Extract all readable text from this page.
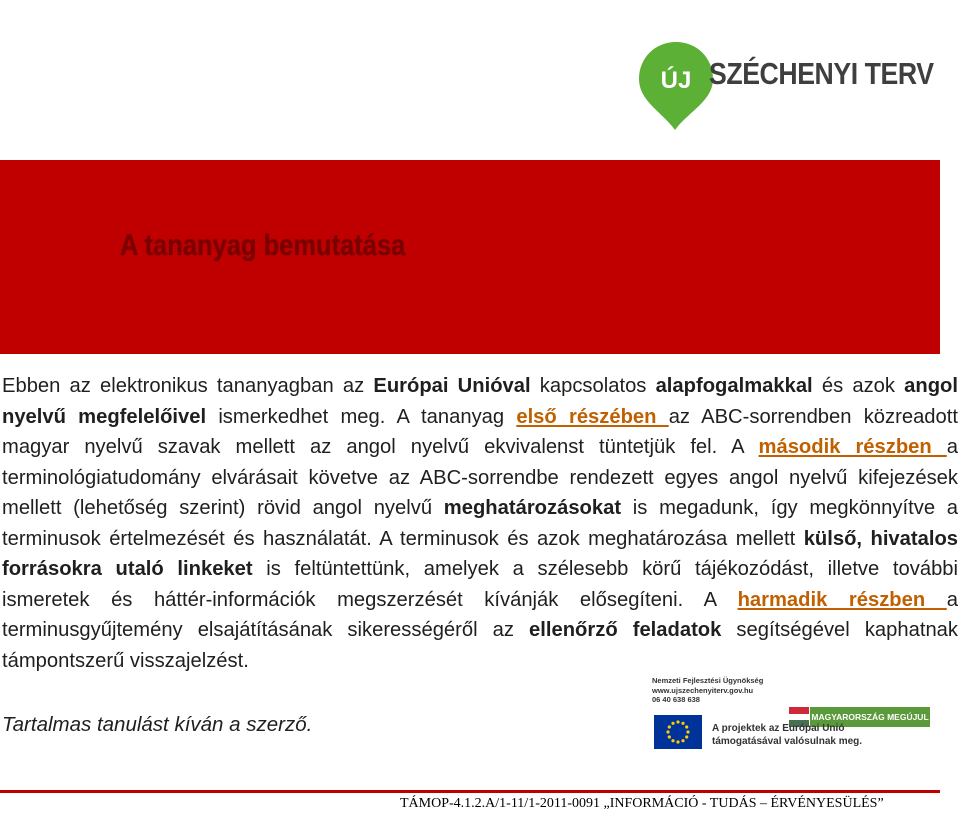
ÚJ SZÉCHENYI TERV
A tananyag bemutatása

Ebben az elektronikus tananyagban az Európai Unióval kapcsolatos alapfogalmakkal és azok angol nyelvű megfelelőivel ismerkedhet meg. A tananyag első részében az ABC-sorrendben közreadott magyar nyelvű szavak mellett az angol nyelvű ekvivalenst tüntetjük fel. A második részben a terminológiatudomány elvárásait követve az ABC-sorrendbe rendezett egyes angol nyelvű kifejezések mellett (lehetőség szerint) rövid angol nyelvű meghatározásokat is megadunk, így megkönnyítve a terminusok értelmezését és használatát. A terminusok és azok meghatározása mellett külső, hivatalos forrásokra utaló linkeket is feltüntettünk, amelyek a szélesebb körű tájékozódást, illetve további ismeretek és háttér-információk megszerzését kívánják elősegíteni. A harmadik részben a terminusgyűjtemény elsajátításának sikerességéről az ellenőrző feladatok segítségével kaphatnak támpontszerű visszajelzést.

Tartalmas tanulást kíván a szerző.

Nemzeti Fejlesztési Ügynökség
www.ujszechenyiterv.gov.hu
06 40 638 638
MAGYARORSZÁG MEGÚJUL
A projektek az Európai Unió
támogatásával valósulnak meg.

TÁMOP-4.1.2.A/1-11/1-2011-0091 „INFORMÁCIÓ - TUDÁS – ÉRVÉNYESÜLÉS”
